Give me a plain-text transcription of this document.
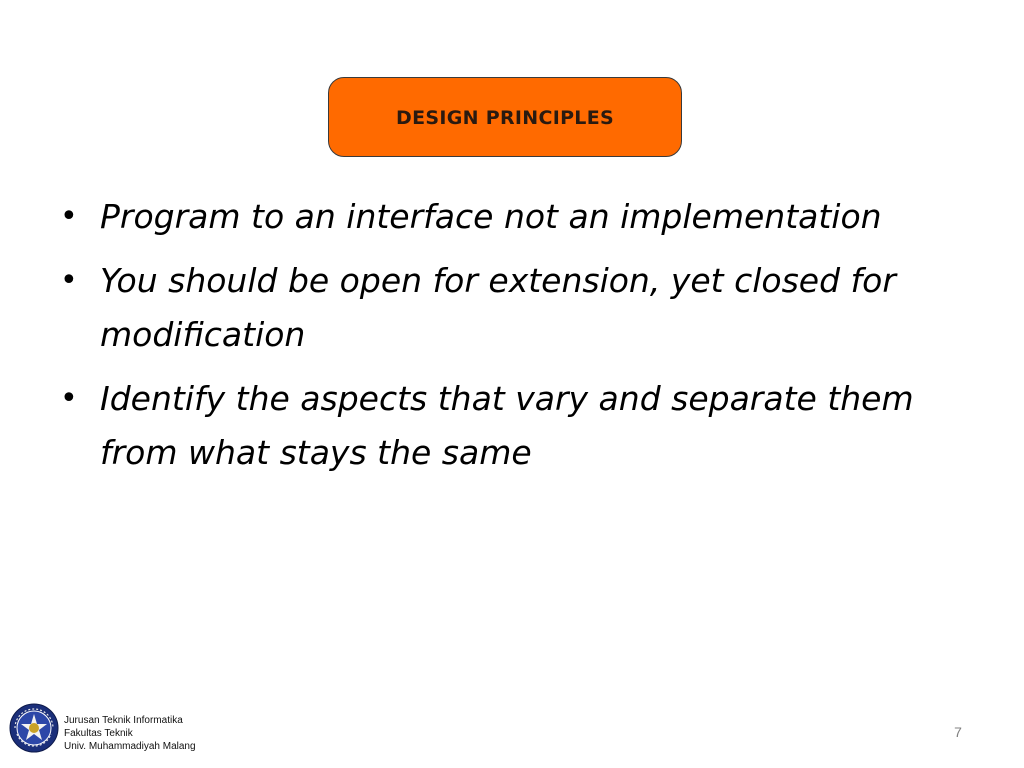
DESIGN PRINCIPLES
• Program to an interface not an implementation
• You should be open for extension, yet closed for modification
• Identify the aspects that vary and separate them from what stays the same
Jurusan Teknik Informatika
Fakultas Teknik
Univ. Muhammadiyah Malang
7
